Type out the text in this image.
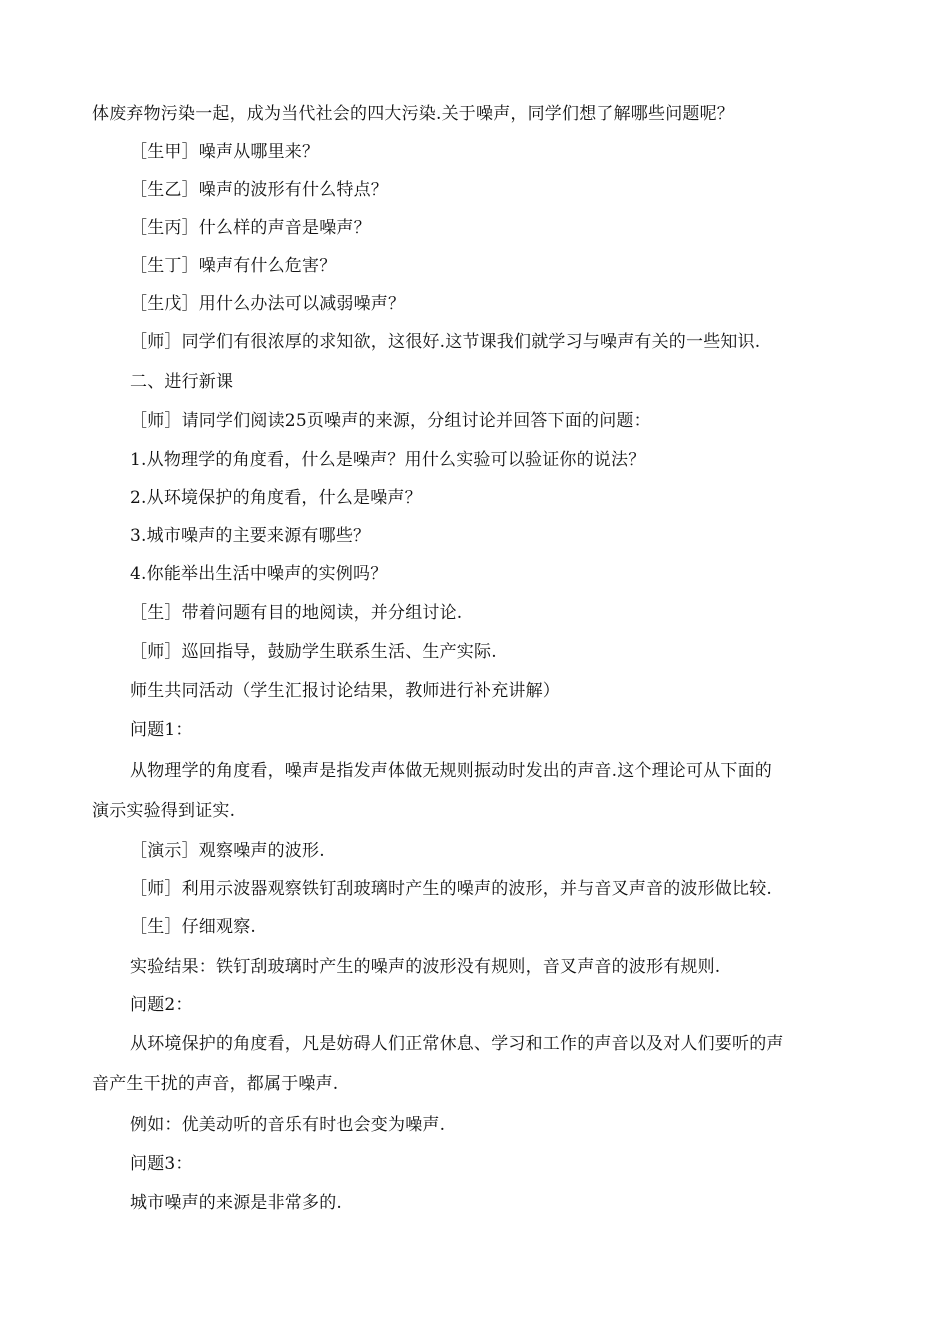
体废弃物污染一起，成为当代社会的四大污染.关于噪声，同学们想了解哪些问题呢？
［生甲］噪声从哪里来？
［生乙］噪声的波形有什么特点？
［生丙］什么样的声音是噪声？
［生丁］噪声有什么危害？
［生戊］用什么办法可以减弱噪声？
［师］同学们有很浓厚的求知欲，这很好.这节课我们就学习与噪声有关的一些知识.
二、进行新课
［师］请同学们阅读25页噪声的来源，分组讨论并回答下面的问题：
1.从物理学的角度看，什么是噪声？用什么实验可以验证你的说法？
2.从环境保护的角度看，什么是噪声？
3.城市噪声的主要来源有哪些？
4.你能举出生活中噪声的实例吗？
［生］带着问题有目的地阅读，并分组讨论.
［师］巡回指导，鼓励学生联系生活、生产实际.
师生共同活动（学生汇报讨论结果，教师进行补充讲解）
问题1：
从物理学的角度看，噪声是指发声体做无规则振动时发出的声音.这个理论可从下面的
演示实验得到证实.
［演示］观察噪声的波形.
［师］利用示波器观察铁钉刮玻璃时产生的噪声的波形，并与音叉声音的波形做比较.
［生］仔细观察.
实验结果：铁钉刮玻璃时产生的噪声的波形没有规则，音叉声音的波形有规则.
问题2：
从环境保护的角度看，凡是妨碍人们正常休息、学习和工作的声音以及对人们要听的声
音产生干扰的声音，都属于噪声.
例如：优美动听的音乐有时也会变为噪声.
问题3：
城市噪声的来源是非常多的.
